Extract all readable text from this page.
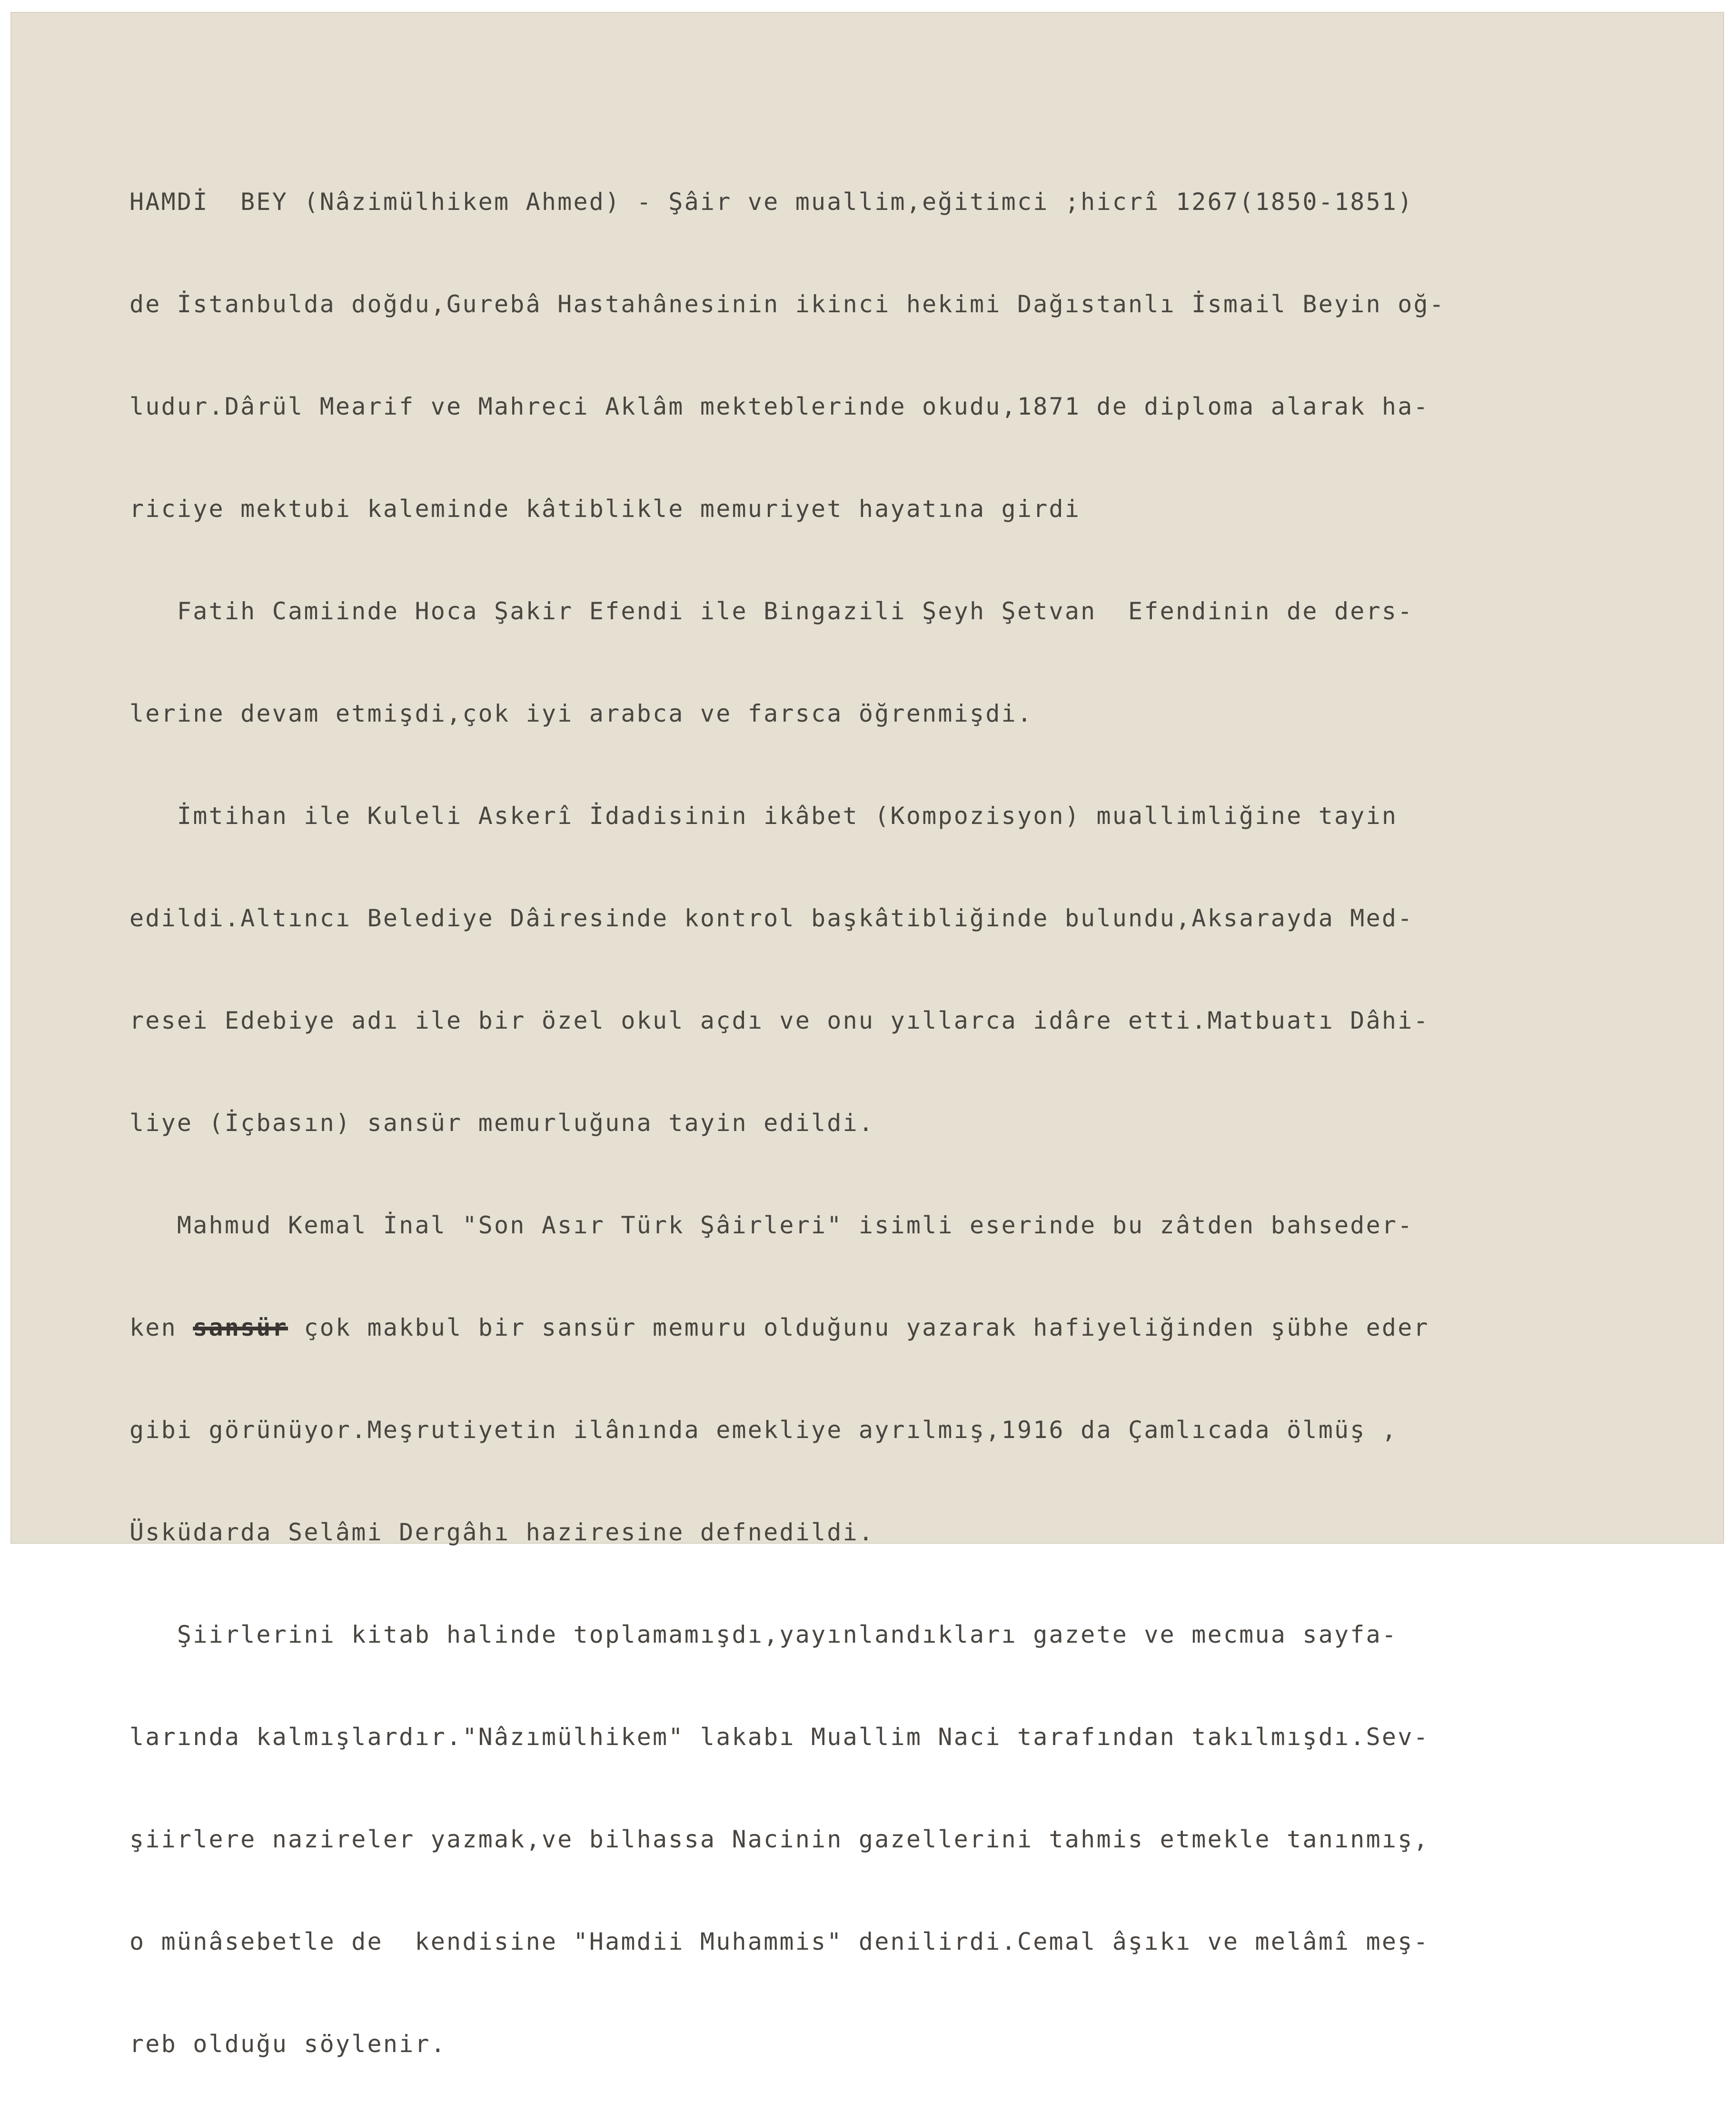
HAMDİ  BEY (Nâzimülhikem Ahmed) - Şâir ve muallim,eğitimci ;hicrî 1267(1850-1851)

de İstanbulda doğdu,Gurebâ Hastahânesinin ikinci hekimi Dağıstanlı İsmail Beyin oğ-

ludur.Dârül Mearif ve Mahreci Aklâm mekteblerinde okudu,1871 de diploma alarak ha-

riciye mektubi kaleminde kâtiblikle memuriyet hayatına girdi

Fatih Camiinde Hoca Şakir Efendi ile Bingazili Şeyh Şetvan  Efendinin de ders-

lerine devam etmişdi,çok iyi arabca ve farsca öğrenmişdi.

İmtihan ile Kuleli Askerî İdadisinin ikâbet (Kompozisyon) muallimliğine tayin

edildi.Altıncı Belediye Dâiresinde kontrol başkâtibliğinde bulundu,Aksarayda Med-

resei Edebiye adı ile bir özel okul açdı ve onu yıllarca idâre etti.Matbuatı Dâhi-

liye (İçbasın) sansür memurluğuna tayin edildi.

Mahmud Kemal İnal "Son Asır Türk Şâirleri" isimli eserinde bu zâtden bahseder-

ken sansür çok makbul bir sansür memuru olduğunu yazarak hafiyeliğinden şübhe eder

gibi görünüyor.Meşrutiyetin ilânında emekliye ayrılmış,1916 da Çamlıcada ölmüş ,

Üsküdarda Selâmi Dergâhı haziresine defnedildi.

Şiirlerini kitab halinde toplamamışdı,yayınlandıkları gazete ve mecmua sayfa-

larında kalmışlardır."Nâzımülhikem" lakabı Muallim Naci tarafından takılmışdı.Sev-

şiirlere nazireler yazmak,ve bilhassa Nacinin gazellerini tahmis etmekle tanınmış,

o münâsebetle de  kendisine "Hamdii Muhammis" denilirdi.Cemal âşıkı ve melâmî meş-

reb olduğu söylenir.
